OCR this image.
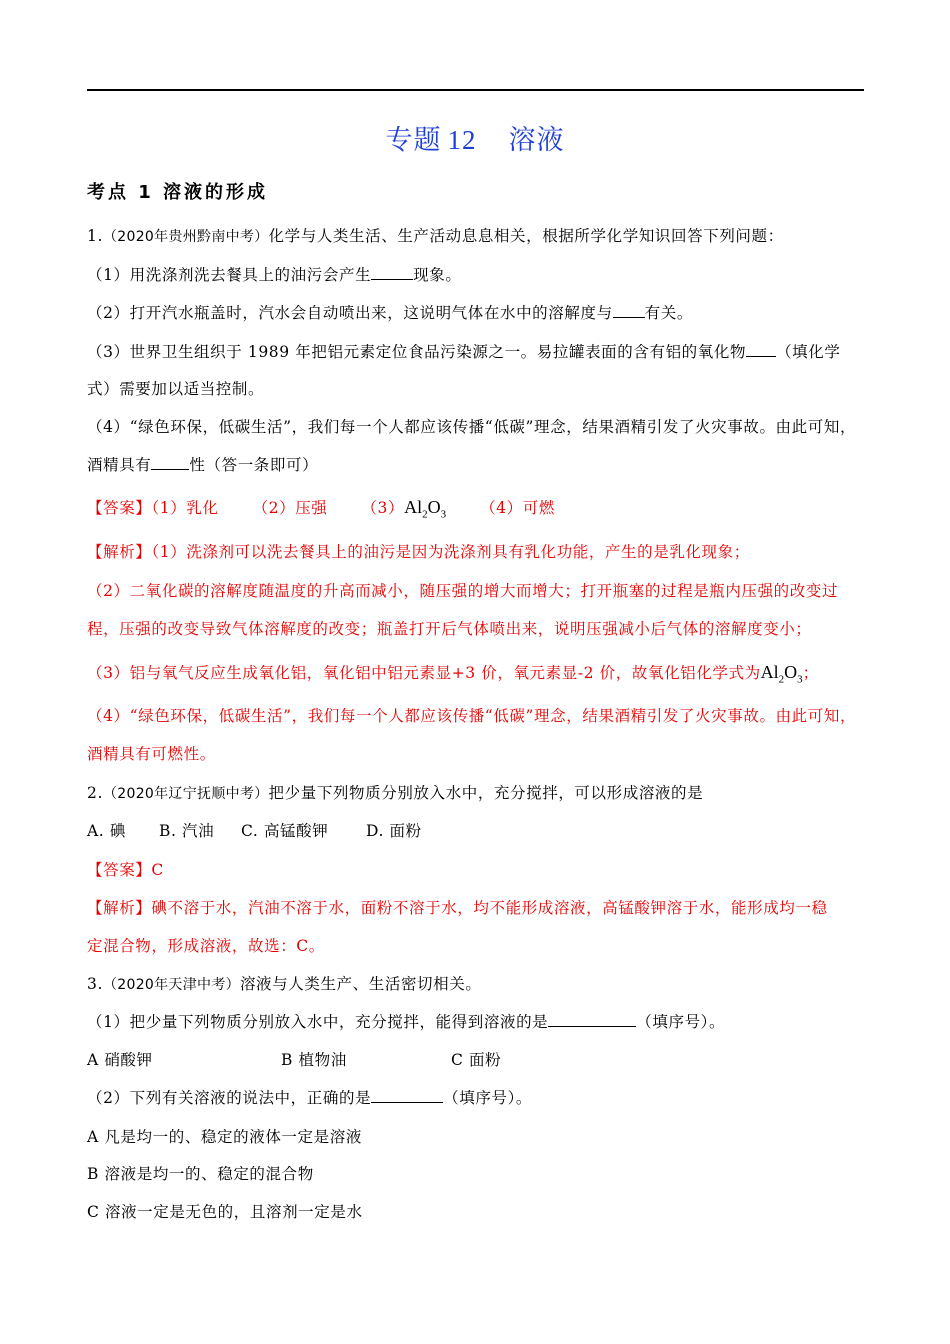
专题 12 溶液
考点 1 溶液的形成
1.（2020年贵州黔南中考）化学与人类生活、生产活动息息相关，根据所学化学知识回答下列问题：
（1）用洗涤剂洗去餐具上的油污会产生	现象。
（2）打开汽水瓶盖时，汽水会自动喷出来，这说明气体在水中的溶解度与 有关。
（3）世界卫生组织于 1989 年把铝元素定位食品污染源之一。易拉罐表面的含有铝的氧化物 （填化学
式）需要加以适当控制。
（4）“绿色环保，低碳生活”，我们每一个人都应该传播“低碳”理念，结果酒精引发了火灾事故。由此可知，
酒精具有 性（答一条即可）
【答案】（1）乳化 （2）压强 $(3)Al_2O_3$ （4）可燃
【解析】（1）洗涤剂可以洗去餐具上的油污是因为洗涤剂具有乳化功能，产生的是乳化现象；
（2）二氧化碳的溶解度随温度的升高而减小，随压强的增大而增大；打开瓶塞的过程是瓶内压强的改变过
程，压强的改变导致气体溶解度的改变；瓶盖打开后气体喷出来，说明压强减小后气体的溶解度变小；
（3）铝与氧气反应生成氧化铝，氧化铝中铝元素显+3 价，氧元素显-2 价，故氧化铝化学式为$Al_2O_3$；
（4）“绿色环保，低碳生活”，我们每一个人都应该传播“低碳”理念，结果酒精引发了火灾事故。由此可知，
酒精具有可燃性。
2.（2020年辽宁抚顺中考）把少量下列物质分别放入水中，充分搅拌，可以形成溶液的是
A. 碘 B. 汽油 C. 高锰酸钾 D. 面粉
【答案】C
【解析】碘不溶于水，汽油不溶于水，面粉不溶于水，均不能形成溶液，高锰酸钾溶于水，能形成均一稳
定混合物，形成溶液，故选：C。
3.（2020年天津中考）溶液与人类生产、生活密切相关。
（1）把少量下列物质分别放入水中，充分搅拌，能得到溶液的是	（填序号）。
A 硝酸钾	B 植物油	C 面粉
（2）下列有关溶液的说法中，正确的是	（填序号）。
A 凡是均一的、稳定的液体一定是溶液
B 溶液是均一的、稳定的混合物
C 溶液一定是无色的，且溶剂一定是水
